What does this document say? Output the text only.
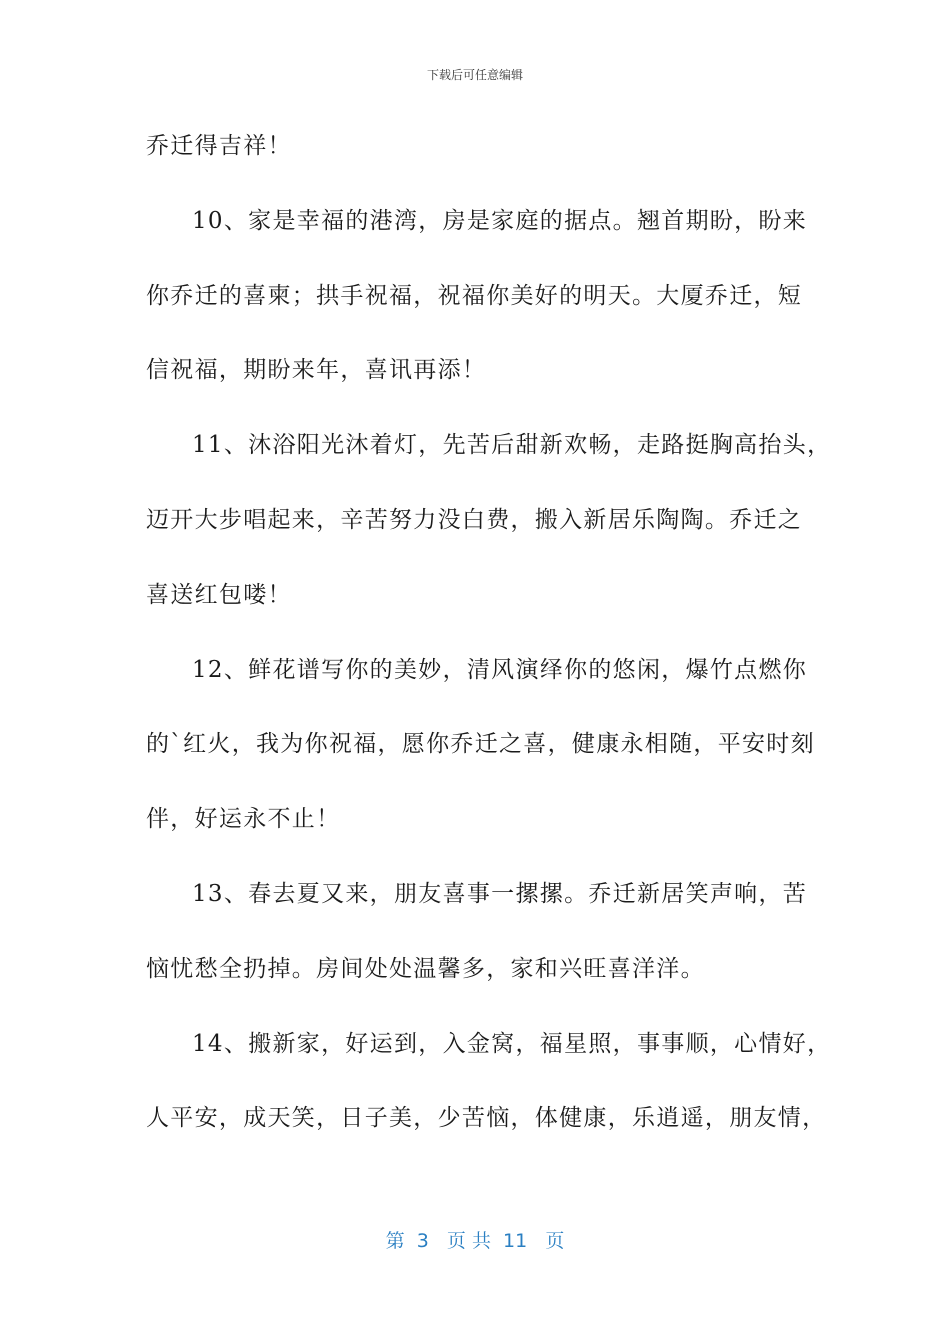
下载后可任意编辑
乔迁得吉祥！
10、家是幸福的港湾，房是家庭的据点。翘首期盼，盼来
你乔迁的喜柬；拱手祝福，祝福你美好的明天。大厦乔迁，短
信祝福，期盼来年，喜讯再添！
11、沐浴阳光沐着灯，先苦后甜新欢畅，走路挺胸高抬头，
迈开大步唱起来，辛苦努力没白费，搬入新居乐陶陶。乔迁之
喜送红包喽！
12、鲜花谱写你的美妙，清风演绎你的悠闲，爆竹点燃你
的`红火，我为你祝福，愿你乔迁之喜，健康永相随，平安时刻
伴，好运永不止！
13、春去夏又来，朋友喜事一摞摞。乔迁新居笑声响，苦
恼忧愁全扔掉。房间处处温馨多，家和兴旺喜洋洋。
14、搬新家，好运到，入金窝，福星照，事事顺，心情好，
人平安，成天笑，日子美，少苦恼，体健康，乐逍遥，朋友情，
第  3   页 共  11   页
